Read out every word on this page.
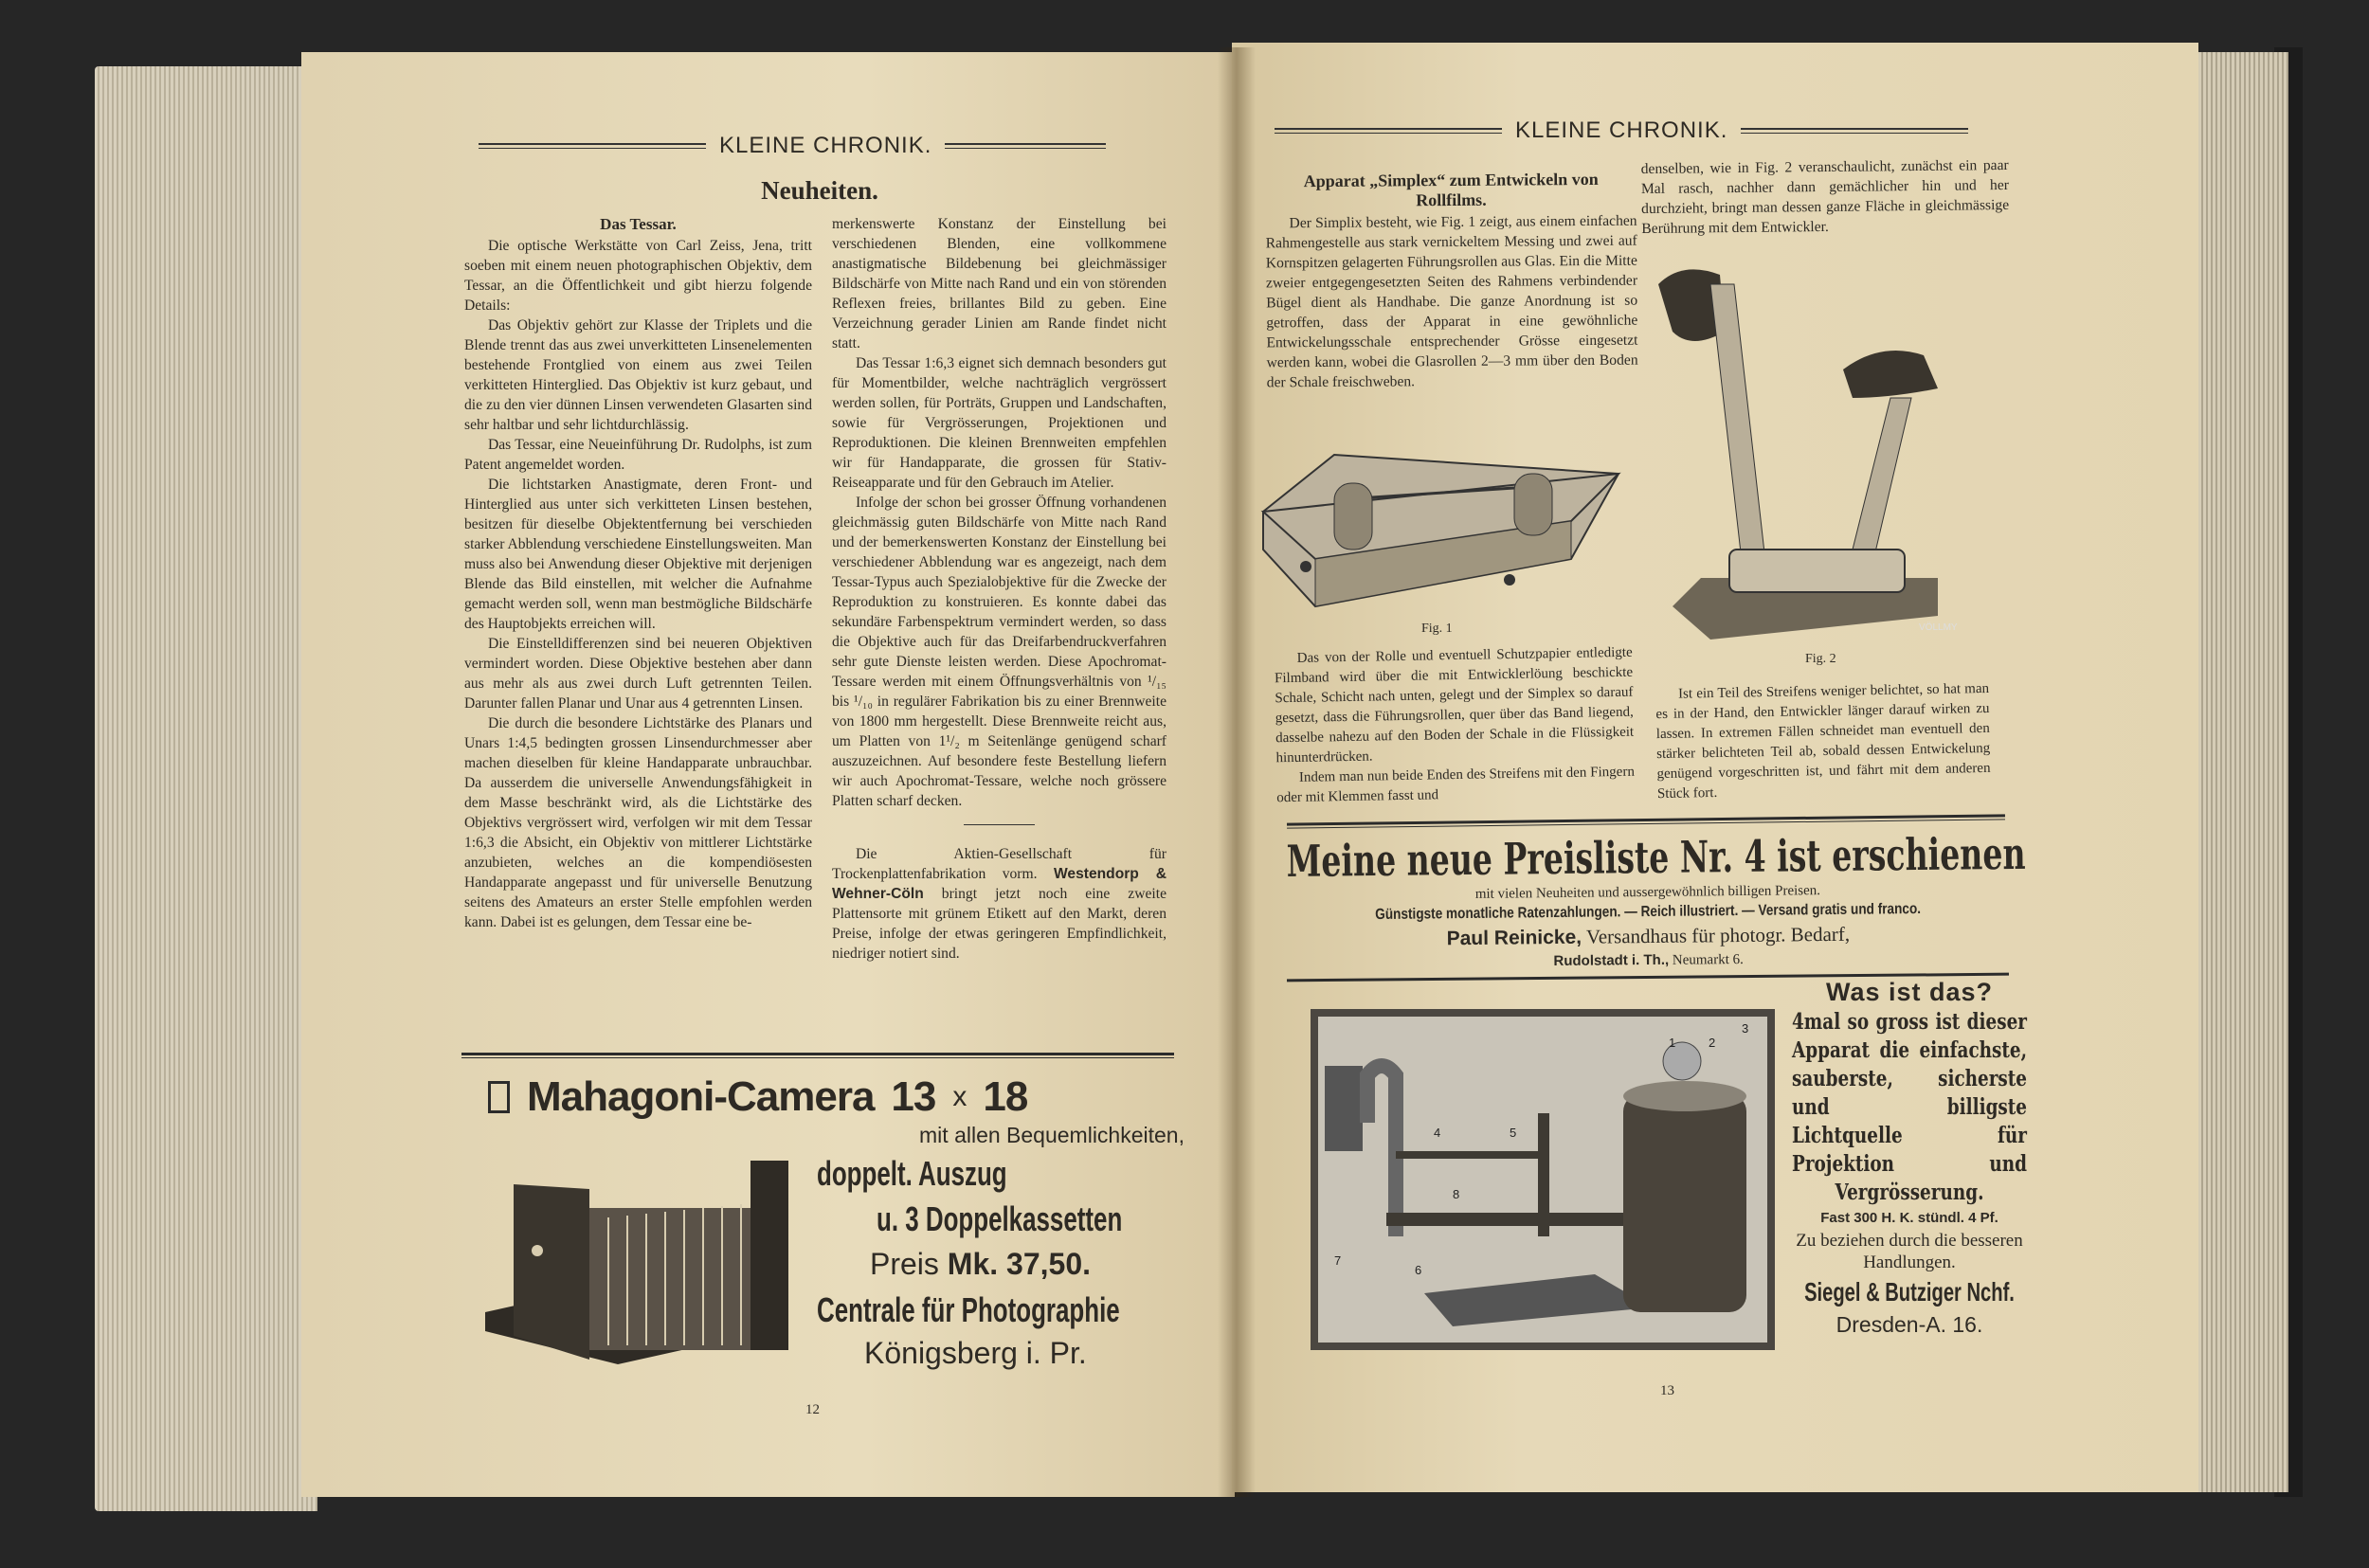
KLEINE CHRONIK.
Neuheiten.
Das Tessar.

Die optische Werkstätte von Carl Zeiss, Jena, tritt soeben mit einem neuen photographischen Objektiv, dem Tessar, an die Öffentlichkeit und gibt hierzu folgende Details:

Das Objektiv gehört zur Klasse der Triplets und die Blende trennt das aus zwei unverkitteten Linsenelementen bestehende Frontglied von einem aus zwei Teilen verkitteten Hinterglied. Das Objektiv ist kurz gebaut, und die zu den vier dünnen Linsen verwendeten Glasarten sind sehr haltbar und sehr lichtdurchlässig.

Das Tessar, eine Neueinführung Dr. Rudolphs, ist zum Patent angemeldet worden.

Die lichtstarken Anastigmate, deren Front- und Hinterglied aus unter sich verkitteten Linsen bestehen, besitzen für dieselbe Objektentfernung bei verschieden starker Abblendung verschiedene Einstellungsweiten. Man muss also bei Anwendung dieser Objektive mit derjenigen Blende das Bild einstellen, mit welcher die Aufnahme gemacht werden soll, wenn man bestmögliche Bildschärfe des Hauptobjekts erreichen will.

Die Einstelldifferenzen sind bei neueren Objektiven vermindert worden. Diese Objektive bestehen aber dann aus mehr als aus zwei durch Luft getrennten Teilen. Darunter fallen Planar und Unar aus 4 getrennten Linsen.

Die durch die besondere Lichtstärke des Planars und Unars 1:4,5 bedingten grossen Linsendurchmesser aber machen dieselben für kleine Handapparate unbrauchbar. Da ausserdem die universelle Anwendungsfähigkeit in dem Masse beschränkt wird, als die Lichtstärke des Objektivs vergrössert wird, verfolgen wir mit dem Tessar 1:6,3 die Absicht, ein Objektiv von mittlerer Lichtstärke anzubieten, welches an die kompendiösesten Handapparate angepasst und für universelle Benutzung seitens des Amateurs an erster Stelle empfohlen werden kann. Dabei ist es gelungen, dem Tessar eine be-

merkenswerte Konstanz der Einstellung bei verschiedenen Blenden, eine vollkommene anastigmatische Bildebenung bei gleichmässiger Bildschärfe von Mitte nach Rand und ein von störenden Reflexen freies, brillantes Bild zu geben. Eine Verzeichnung gerader Linien am Rande findet nicht statt.

Das Tessar 1:6,3 eignet sich demnach besonders gut für Momentbilder, welche nachträglich vergrössert werden sollen, für Porträts, Gruppen und Landschaften, sowie für Vergrösserungen, Projektionen und Reproduktionen. Die kleinen Brennweiten empfehlen wir für Handapparate, die grossen für Stativ-Reiseapparate und für den Gebrauch im Atelier.

Infolge der schon bei grosser Öffnung vorhandenen gleichmässig guten Bildschärfe von Mitte nach Rand und der bemerkenswerten Konstanz der Einstellung bei verschiedener Abblendung war es angezeigt, nach dem Tessar-Typus auch Spezialobjektive für die Zwecke der Reproduktion zu konstruieren. Es konnte dabei das sekundäre Farbenspektrum vermindert werden, so dass die Objektive auch für das Dreifarbendruckverfahren sehr gute Dienste leisten werden. Diese Apochromat-Tessare werden mit einem Öffnungsverhältnis von ¹/₁₅ bis ¹/₁₀ in regulärer Fabrikation bis zu einer Brennweite von 1800 mm hergestellt. Diese Brennweite reicht aus, um Platten von 1¹/₂ m Seitenlänge genügend scharf auszuzeichnen. Auf besondere feste Bestellung liefern wir auch Apochromat-Tessare, welche noch grössere Platten scharf decken.

Die Aktien-Gesellschaft für Trockenplattenfabrikation vorm. Westendorp & Wehner-Cöln bringt jetzt noch eine zweite Plattensorte mit grünem Etikett auf den Markt, deren Preise, infolge der etwas geringeren Empfindlichkeit, niedriger notiert sind.

Mahagoni-Camera 13 x 18
mit allen Bequemlichkeiten,
doppelt. Auszug
u. 3 Doppelkassetten
Preis Mk. 37,50.
Centrale für Photographie
Königsberg i. Pr.
12
KLEINE CHRONIK.
Apparat „Simplex“ zum Entwickeln von Rollfilms.

Der Simplix besteht, wie Fig. 1 zeigt, aus einem einfachen Rahmengestelle aus stark vernickeltem Messing und zwei auf Kornspitzen gelagerten Führungsrollen aus Glas. Ein die Mitte zweier entgegengesetzten Seiten des Rahmens verbindender Bügel dient als Handhabe. Die ganze Anordnung ist so getroffen, dass der Apparat in eine gewöhnliche Entwickelungsschale entsprechender Grösse eingesetzt werden kann, wobei die Glasrollen 2—3 mm über den Boden der Schale freischweben.

denselben, wie in Fig. 2 veranschaulicht, zunächst ein paar Mal rasch, nachher dann gemächlicher hin und her durchzieht, bringt man dessen ganze Fläche in gleichmässige Berührung mit dem Entwickler.

Fig. 1	VÖLLMY
Fig. 2

Das von der Rolle und eventuell Schutzpapier entledigte Filmband wird über die mit Entwicklerlöung beschickte Schale, Schicht nach unten, gelegt und der Simplex so darauf gesetzt, dass die Führungsrollen, quer über das Band liegend, dasselbe nahezu auf den Boden der Schale in die Flüssigkeit hinunterdrücken.

Indem man nun beide Enden des Streifens mit den Fingern oder mit Klemmen fasst und

Ist ein Teil des Streifens weniger belichtet, so hat man es in der Hand, den Entwickler länger darauf wirken zu lassen. In extremen Fällen schneidet man eventuell den stärker belichteten Teil ab, sobald dessen Entwickelung genügend vorgeschritten ist, und fährt mit dem anderen Stück fort.

Meine neue Preisliste Nr. 4 ist erschienen
mit vielen Neuheiten und aussergewöhnlich billigen Preisen.
Günstigste monatliche Ratenzahlungen. — Reich illustriert. — Versand gratis und franco.
Paul Reinicke, Versandhaus für photogr. Bedarf,
Rudolstadt i. Th., Neumarkt 6.
1	2
3
4	5
6
7
8
Was ist das?
4mal so gross ist dieser Apparat die einfachste, sauberste, sicherste und billigste Lichtquelle für Projektion und Vergrösserung.
Fast 300 H. K. stündl. 4 Pf.
Zu beziehen durch die besseren Handlungen.
Siegel & Butziger Nchf.
Dresden-A. 16.
13
